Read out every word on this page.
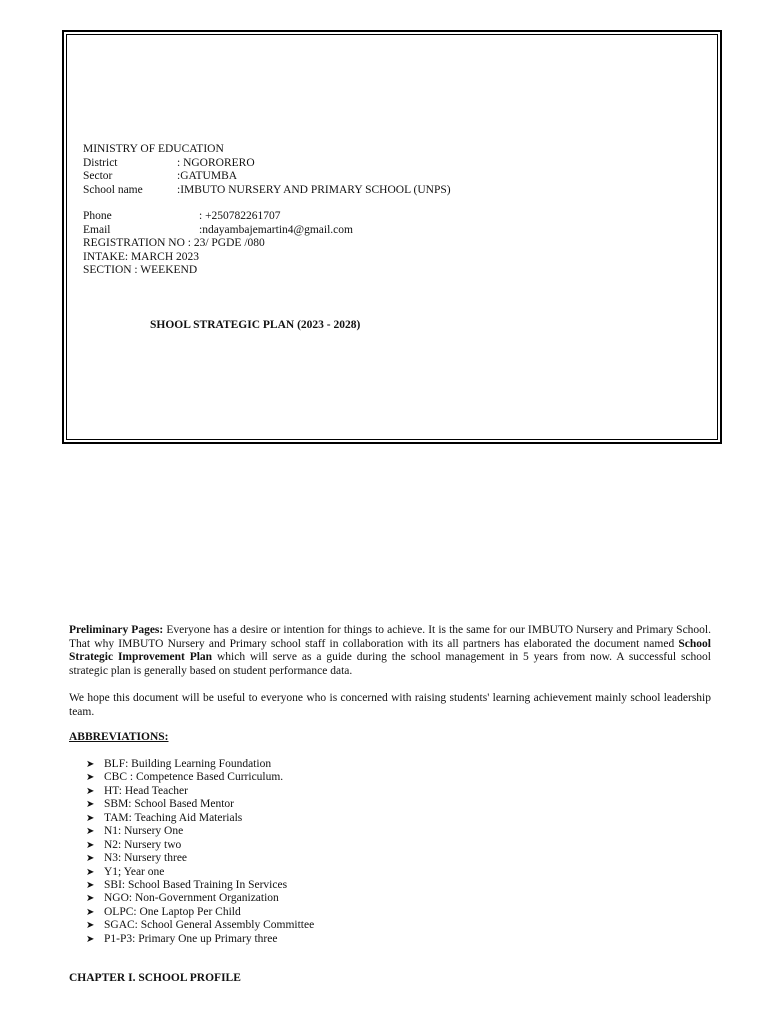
MINISTRY OF EDUCATION
District	: NGORORERO
Sector	:GATUMBA
School name	:IMBUTO NURSERY AND PRIMARY SCHOOL (UNPS)
Phone	: +250782261707
Email	:ndayambajemartin4@gmail.com
REGISTRATION NO : 23/ PGDE /080
INTAKE: MARCH 2023
SECTION : WEEKEND
SHOOL STRATEGIC PLAN (2023 - 2028)
Preliminary Pages: Everyone has a desire or intention for things to achieve. It is the same for our IMBUTO Nursery and Primary School. That why IMBUTO Nursery and Primary school staff in collaboration with its all partners has elaborated the document named School Strategic Improvement Plan which will serve as a guide during the school management in 5 years from now. A successful school strategic plan is generally based on student performance data.
We hope this document will be useful to everyone who is concerned with raising students' learning achievement mainly school leadership team.
ABBREVIATIONS:
➤ BLF: Building Learning Foundation
➤ CBC : Competence Based Curriculum.
➤ HT: Head Teacher
➤ SBM: School Based Mentor
➤ TAM: Teaching Aid Materials
➤ N1: Nursery One
➤ N2: Nursery two
➤ N3: Nursery three
➤ Y1; Year one
➤ SBI: School Based Training In Services
➤ NGO: Non-Government Organization
➤ OLPC: One Laptop Per Child
➤ SGAC: School General Assembly Committee
➤ P1-P3: Primary One up Primary three
CHAPTER I. SCHOOL PROFILE
